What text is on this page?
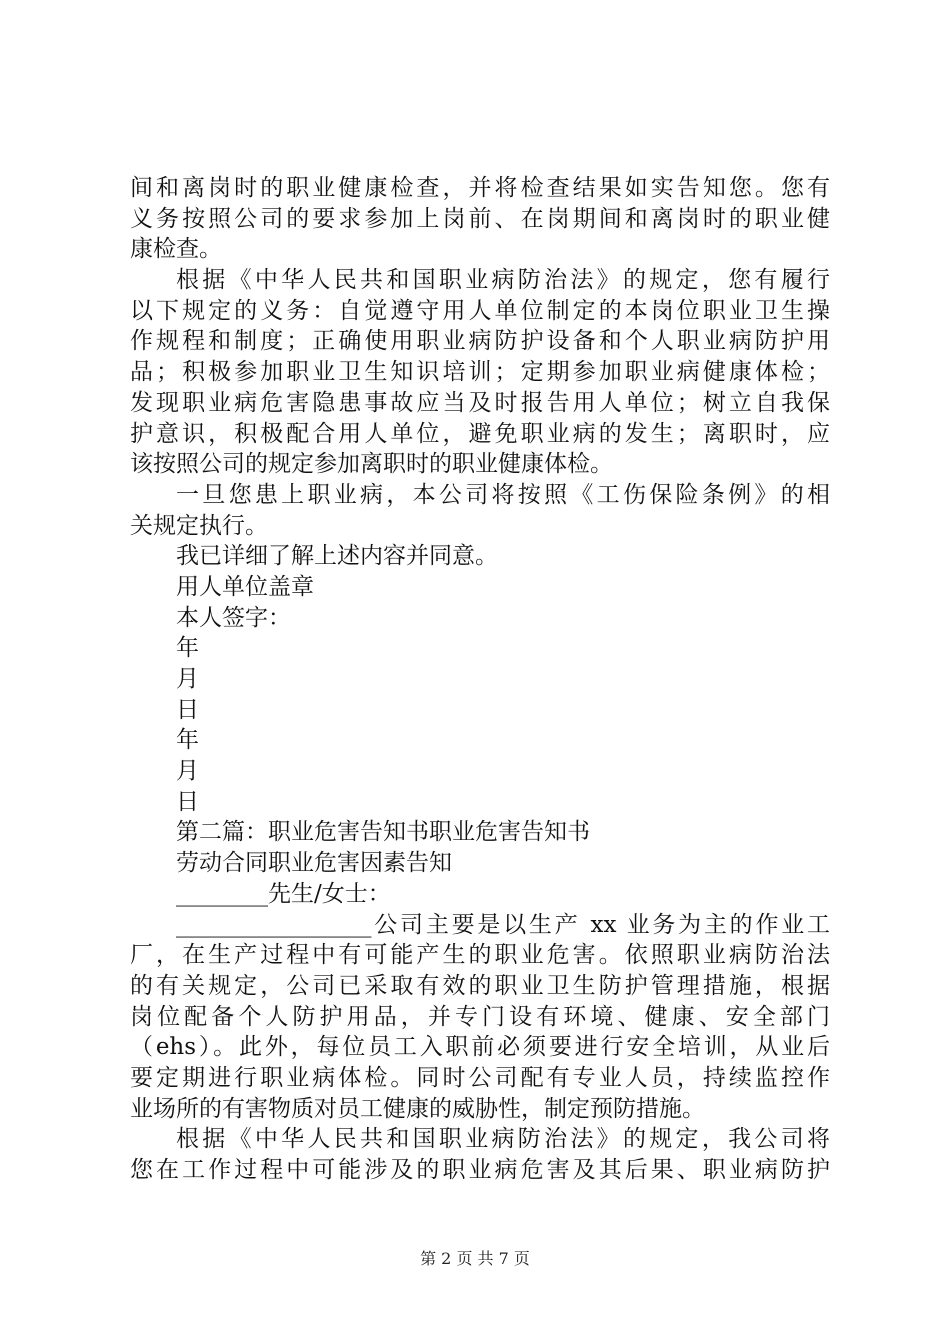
间和离岗时的职业健康检查，并将检查结果如实告知您。您有
义务按照公司的要求参加上岗前、在岗期间和离岗时的职业健
康检查。
根据《中华人民共和国职业病防治法》的规定，您有履行
以下规定的义务：自觉遵守用人单位制定的本岗位职业卫生操
作规程和制度；正确使用职业病防护设备和个人职业病防护用
品；积极参加职业卫生知识培训；定期参加职业病健康体检；
发现职业病危害隐患事故应当及时报告用人单位；树立自我保
护意识，积极配合用人单位，避免职业病的发生；离职时，应
该按照公司的规定参加离职时的职业健康体检。
一旦您患上职业病，本公司将按照《工伤保险条例》的相
关规定执行。
我已详细了解上述内容并同意。
用人单位盖章
本人签字：
年
月
日
年
月
日
第二篇：职业危害告知书职业危害告知书
劳动合同职业危害因素告知
________先生/女士：
_________________公司主要是以生产 xx 业务为主的作业工
厂，在生产过程中有可能产生的职业危害。依照职业病防治法
的有关规定，公司已采取有效的职业卫生防护管理措施，根据
岗位配备个人防护用品，并专门设有环境、健康、安全部门
（ehs）。此外，每位员工入职前必须要进行安全培训，从业后
要定期进行职业病体检。同时公司配有专业人员，持续监控作
业场所的有害物质对员工健康的威胁性，制定预防措施。
根据《中华人民共和国职业病防治法》的规定，我公司将
您在工作过程中可能涉及的职业病危害及其后果、职业病防护
第 2 页 共 7 页
